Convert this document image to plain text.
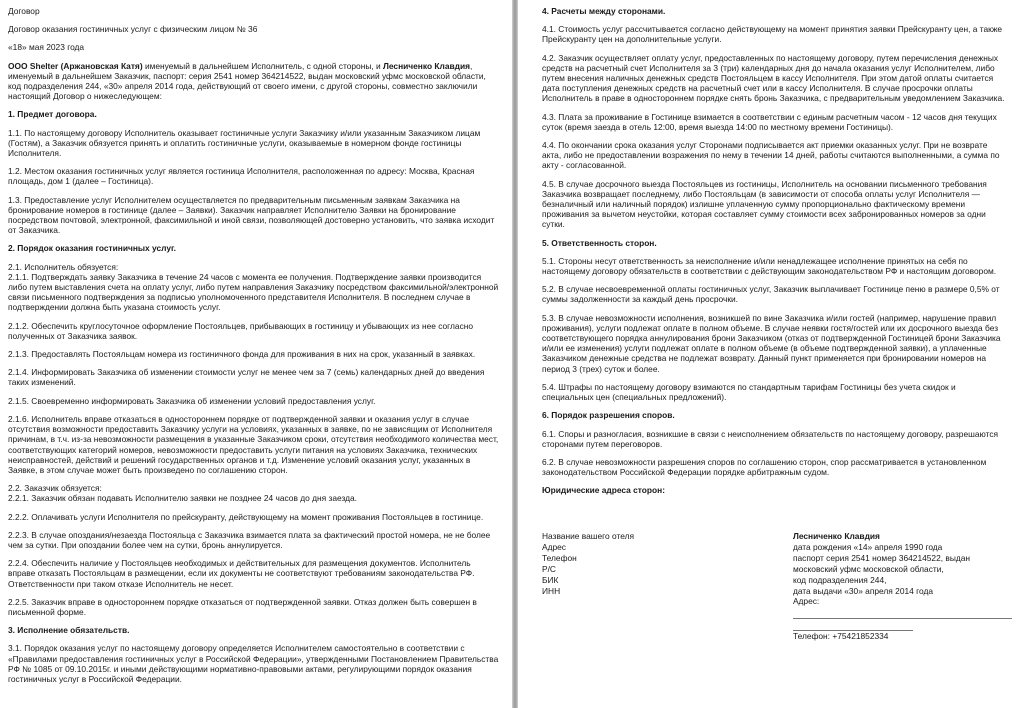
Договор

Договор оказания гостиничных услуг с физическим лицом № 36

«18» мая 2023 года

ООО Shelter (Аржановская Катя) именуемый в дальнейшем Исполнитель, с одной стороны, и Лесниченко Клавдия, именуемый в дальнейшем Заказчик, паспорт: серия 2541 номер 364214522, выдан московский уфмс московской области, код подразделения 244, «30» апреля 2014 года, действующий от своего имени, с другой стороны, совместно заключили настоящий Договор о нижеследующем:

1. Предмет договора.

1.1. По настоящему договору Исполнитель оказывает гостиничные услуги Заказчику и/или указанным Заказчиком лицам (Гостям), а Заказчик обязуется принять и оплатить гостиничные услуги, оказываемые в номерном фонде гостиницы Исполнителя.

1.2. Местом оказания гостиничных услуг является гостиница Исполнителя, расположенная по адресу: Москва, Красная площадь, дом 1 (далее – Гостиница).

1.3. Предоставление услуг Исполнителем осуществляется по предварительным письменным заявкам Заказчика на бронирование номеров в гостинице (далее – Заявки). Заказчик направляет Исполнителю Заявки на бронирование посредством почтовой, электронной, факсимильной и иной связи, позволяющей достоверно установить, что заявка исходит от Заказчика.

2. Порядок оказания гостиничных услуг.

2.1. Исполнитель обязуется:

2.1.1. Подтверждать заявку Заказчика в течение 24 часов с момента ее получения. Подтверждение заявки производится либо путем выставления счета на оплату услуг, либо путем направления Заказчику посредством факсимильной/электронной связи письменного подтверждения за подписью уполномоченного представителя Исполнителя. В последнем случае в подтверждении должна быть указана стоимость услуг.

2.1.2. Обеспечить круглосуточное оформление Постояльцев, прибывающих в гостиницу и убывающих из нее согласно полученных от Заказчика заявок.

2.1.3. Предоставлять Постояльцам номера из гостиничного фонда для проживания в них на срок, указанный в заявках.

2.1.4. Информировать Заказчика об изменении стоимости услуг не менее чем за 7 (семь) календарных дней до введения таких изменений.

2.1.5. Своевременно информировать Заказчика об изменении условий предоставления услуг.

2.1.6. Исполнитель вправе отказаться в одностороннем порядке от подтвержденной заявки и оказания услуг в случае отсутствия возможности предоставить Заказчику услуги на условиях, указанных в заявке, по не зависящим от Исполнителя причинам, в т.ч. из-за невозможности размещения в указанные Заказчиком сроки, отсутствия необходимого количества мест, соответствующих категорий номеров, невозможности предоставить услуги питания на условиях Заказчика, технических неисправностей, действий и решений государственных органов и т.д. Изменение условий оказания услуг, указанных в Заявке, в этом случае может быть произведено по соглашению сторон.

2.2. Заказчик обязуется:

2.2.1. Заказчик обязан подавать Исполнителю заявки не позднее 24 часов до дня заезда.

2.2.2. Оплачивать услуги Исполнителя по прейскуранту, действующему на момент проживания Постояльцев в гостинице.

2.2.3. В случае опоздания/незаезда Постояльца с Заказчика взимается плата за фактический простой номера, не не более чем за сутки. При опоздании более чем на сутки, бронь аннулируется.

2.2.4. Обеспечить наличие у Постояльцев необходимых и действительных для размещения документов. Исполнитель вправе отказать Постояльцам в размещении, если их документы не соответствуют требованиям законодательства РФ. Ответственности при таком отказе Исполнитель не несет.

2.2.5. Заказчик вправе в одностороннем порядке отказаться от подтвержденной заявки. Отказ должен быть совершен в письменной форме.

3. Исполнение обязательств.

3.1. Порядок оказания услуг по настоящему договору определяется Исполнителем самостоятельно в соответствии с «Правилами предоставления гостиничных услуг в Российской Федерации», утвержденными Постановлением Правительства РФ № 1085 от 09.10.2015г. и иными действующими нормативно-правовыми актами, регулирующими порядок оказания гостиничных услуг в Российской Федерации.

4. Расчеты между сторонами.

4.1. Стоимость услуг рассчитывается согласно действующему на момент принятия заявки Прейскуранту цен, а также Прейскуранту цен на дополнительные услуги.

4.2. Заказчик осуществляет оплату услуг, предоставленных по настоящему договору, путем перечисления денежных средств на расчетный счет Исполнителя за 3 (три) календарных дня до начала оказания услуг Исполнителем, либо путем внесения наличных денежных средств Постояльцем в кассу Исполнителя. При этом датой оплаты считается дата поступления денежных средств на расчетный счет или в кассу Исполнителя. В случае просрочки оплаты Исполнитель в праве в одностороннем порядке снять бронь Заказчика, с предварительным уведомлением Заказчика.

4.3. Плата за проживание в Гостинице взимается в соответствии с единым расчетным часом - 12 часов дня текущих суток (время заезда в отель 12:00, время выезда 14:00 по местному времени Гостиницы).

4.4. По окончании срока оказания услуг Сторонами подписывается акт приемки оказанных услуг. При не возврате акта, либо не предоставлении возражения по нему в течении 14 дней, работы считаются выполненными, а сумма по акту - согласованной.

4.5. В случае досрочного выезда Постояльцев из гостиницы, Исполнитель на основании письменного требования Заказчика возвращает последнему, либо Постояльцам (в зависимости от способа оплаты услуг Исполнителя — безналичный или наличный порядок) излишне уплаченную сумму пропорционально фактическому времени проживания за вычетом неустойки, которая составляет сумму стоимости всех забронированных номеров за одни сутки.

5. Ответственность сторон.

5.1. Стороны несут ответственность за неисполнение и/или ненадлежащее исполнение принятых на себя по настоящему договору обязательств в соответствии с действующим законодательством РФ и настоящим договором.

5.2. В случае несвоевременной оплаты гостиничных услуг, Заказчик выплачивает Гостинице пеню в размере 0,5% от суммы задолженности за каждый день просрочки.

5.3. В случае невозможности исполнения, возникшей по вине Заказчика и/или гостей (например, нарушение правил проживания), услуги подлежат оплате в полном объеме. В случае неявки гостя/гостей или их досрочного выезда без соответствующего порядка аннулирования брони Заказчиком (отказ от подтвержденной Гостиницей брони Заказчика и/или ее изменения) услуги подлежат оплате в полном объеме (в объеме подтвержденной заявки), а уплаченные Заказчиком денежные средства не подлежат возврату. Данный пункт применяется при бронировании номеров на период 3 (трех) суток и более.

5.4. Штрафы по настоящему договору взимаются по стандартным тарифам Гостиницы без учета скидок и специальных цен (специальных предложений).

6. Порядок разрешения споров.

6.1. Споры и разногласия, возникшие в связи с неисполнением обязательств по настоящему договору, разрешаются сторонами путем переговоров.

6.2. В случае невозможности разрешения споров по соглашению сторон, спор рассматривается в установленном законодательством Российской Федерации порядке арбитражным судом.

Юридические адреса сторон:

Название вашего отеля
Адрес
Телефон
Р/С
БИК
ИНН
Лесниченко Клавдия
дата рождения «14» апреля 1990 года
паспорт серия 2541 номер 364214522, выдан
московский уфмс московской области,
код подразделения 244,
дата выдачи «30» апреля 2014 года
Адрес:
Телефон: +75421852334
